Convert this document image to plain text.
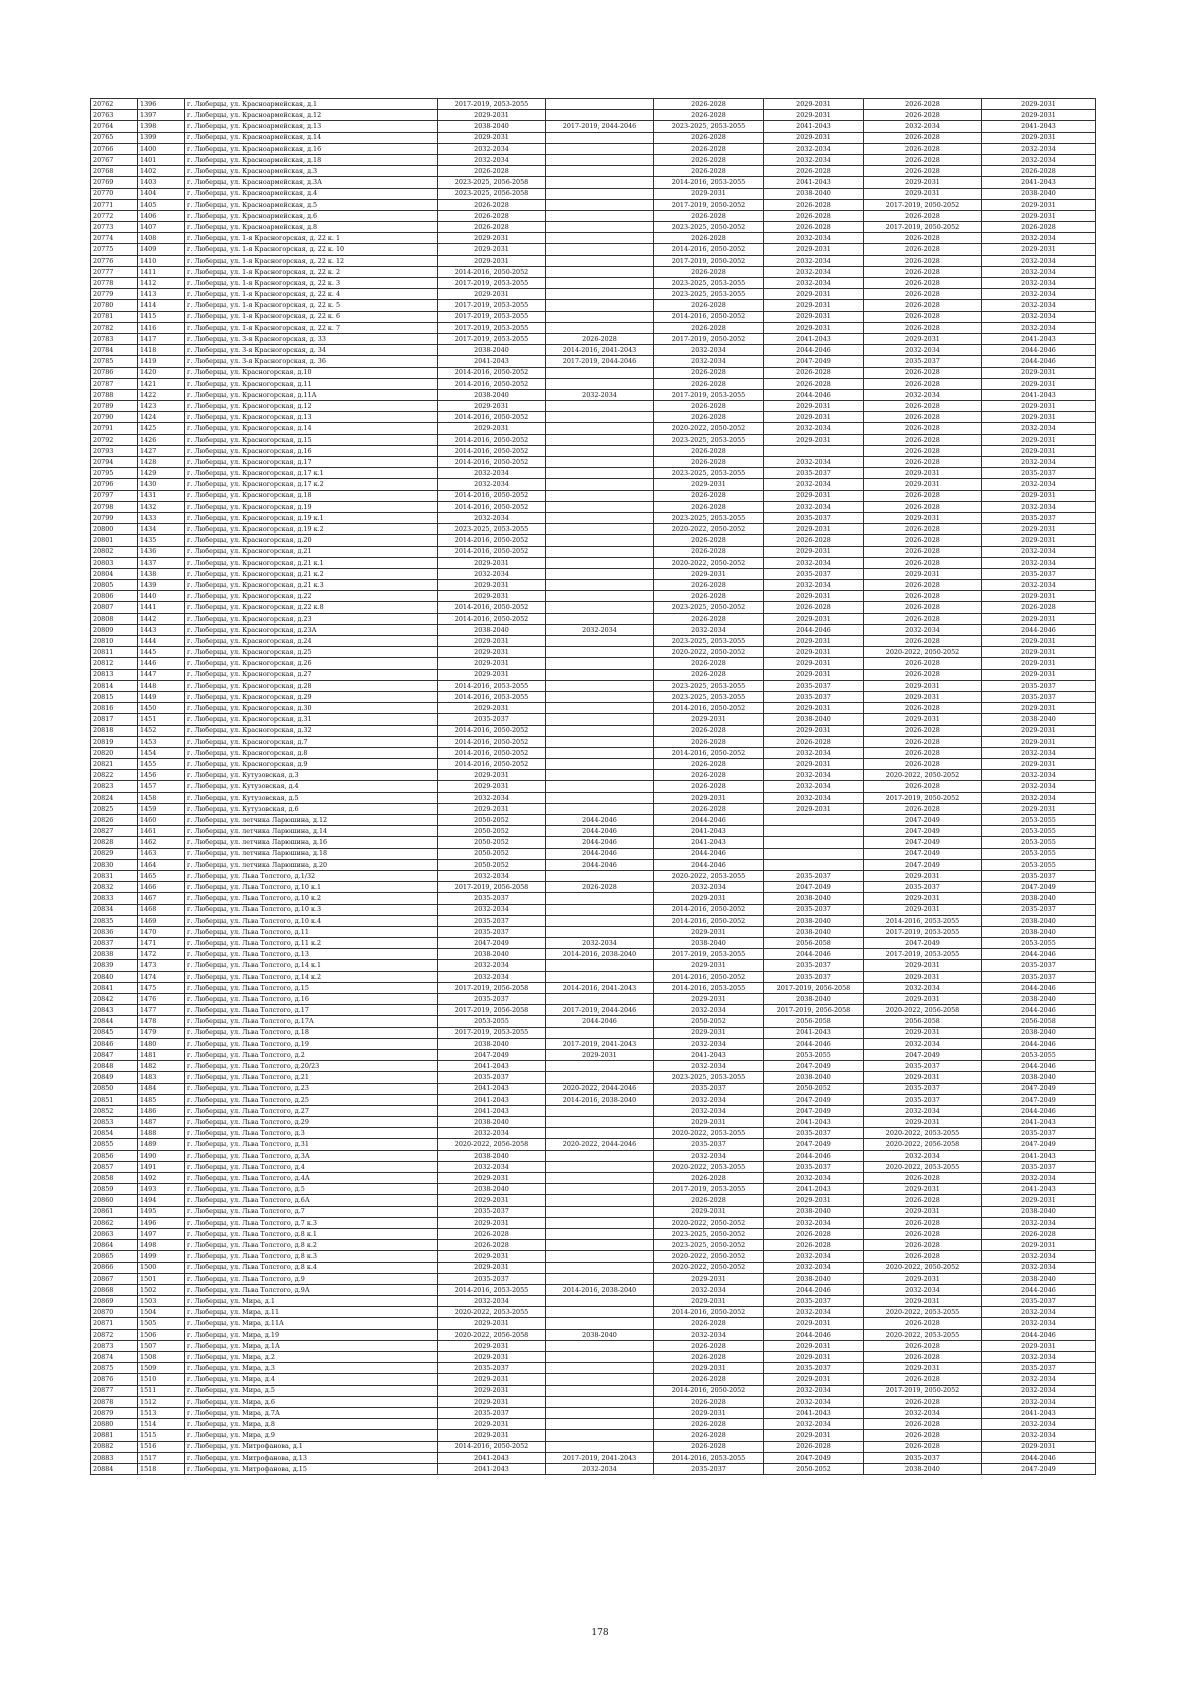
20762	1396	г. Люберцы, ул. Красноармейская, д.1	2017-2019, 2053-2055		2026-2028	2029-2031	2026-2028	2029-2031
20763	1397	г. Люберцы, ул. Красноармейская, д.12	2029-2031		2026-2028	2029-2031	2026-2028	2029-2031
20764	1398	г. Люберцы, ул. Красноармейская, д.13	2038-2040	2017-2019, 2044-2046	2023-2025, 2053-2055	2041-2043	2032-2034	2041-2043
20765	1399	г. Люберцы, ул. Красноармейская, д.14	2029-2031		2026-2028	2029-2031	2026-2028	2029-2031
20766	1400	г. Люберцы, ул. Красноармейская, д.16	2032-2034		2026-2028	2032-2034	2026-2028	2032-2034
20767	1401	г. Люберцы, ул. Красноармейская, д.18	2032-2034		2026-2028	2032-2034	2026-2028	2032-2034
20768	1402	г. Люберцы, ул. Красноармейская, д.3	2026-2028		2026-2028	2026-2028	2026-2028	2026-2028
20769	1403	г. Люберцы, ул. Красноармейская, д.3А	2023-2025, 2056-2058		2014-2016, 2053-2055	2041-2043	2029-2031	2041-2043
20770	1404	г. Люберцы, ул. Красноармейская, д.4	2023-2025, 2056-2058		2029-2031	2038-2040	2029-2031	2038-2040
20771	1405	г. Люберцы, ул. Красноармейская, д.5	2026-2028		2017-2019, 2050-2052	2026-2028	2017-2019, 2050-2052	2029-2031
20772	1406	г. Люберцы, ул. Красноармейская, д.6	2026-2028		2026-2028	2026-2028	2026-2028	2029-2031
20773	1407	г. Люберцы, ул. Красноармейская, д.8	2026-2028		2023-2025, 2050-2052	2026-2028	2017-2019, 2050-2052	2026-2028
20774	1408	г. Люберцы, ул. 1-я Красногорская, д. 22 к. 1	2029-2031		2026-2028	2032-2034	2026-2028	2032-2034
20775	1409	г. Люберцы, ул. 1-я Красногорская, д. 22 к. 10	2029-2031		2014-2016, 2050-2052	2029-2031	2026-2028	2029-2031
20776	1410	г. Люберцы, ул. 1-я Красногорская, д. 22 к. 12	2029-2031		2017-2019, 2050-2052	2032-2034	2026-2028	2032-2034
20777	1411	г. Люберцы, ул. 1-я Красногорская, д. 22 к. 2	2014-2016, 2050-2052		2026-2028	2032-2034	2026-2028	2032-2034
20778	1412	г. Люберцы, ул. 1-я Красногорская, д. 22 к. 3	2017-2019, 2053-2055		2023-2025, 2053-2055	2032-2034	2026-2028	2032-2034
20779	1413	г. Люберцы, ул. 1-я Красногорская, д. 22 к. 4	2029-2031		2023-2025, 2053-2055	2029-2031	2026-2028	2032-2034
20780	1414	г. Люберцы, ул. 1-я Красногорская, д. 22 к. 5	2017-2019, 2053-2055		2026-2028	2029-2031	2026-2028	2032-2034
20781	1415	г. Люберцы, ул. 1-я Красногорская, д. 22 к. 6	2017-2019, 2053-2055		2014-2016, 2050-2052	2029-2031	2026-2028	2032-2034
20782	1416	г. Люберцы, ул. 1-я Красногорская, д. 22 к. 7	2017-2019, 2053-2055		2026-2028	2029-2031	2026-2028	2032-2034
20783	1417	г. Люберцы, ул. 3-я Красногорская, д. 33	2017-2019, 2053-2055	2026-2028	2017-2019, 2050-2052	2041-2043	2029-2031	2041-2043
20784	1418	г. Люберцы, ул. 3-я Красногорская, д. 34	2038-2040	2014-2016, 2041-2043	2032-2034	2044-2046	2032-2034	2044-2046
20785	1419	г. Люберцы, ул. 3-я Красногорская, д. 36	2041-2043	2017-2019, 2044-2046	2032-2034	2047-2049	2035-2037	2044-2046
20786	1420	г. Люберцы, ул. Красногорская, д.10	2014-2016, 2050-2052		2026-2028	2026-2028	2026-2028	2029-2031
20787	1421	г. Люберцы, ул. Красногорская, д.11	2014-2016, 2050-2052		2026-2028	2026-2028	2026-2028	2029-2031
20788	1422	г. Люберцы, ул. Красногорская, д.11А	2038-2040	2032-2034	2017-2019, 2053-2055	2044-2046	2032-2034	2041-2043
20789	1423	г. Люберцы, ул. Красногорская, д.12	2029-2031		2026-2028	2029-2031	2026-2028	2029-2031
20790	1424	г. Люберцы, ул. Красногорская, д.13	2014-2016, 2050-2052		2026-2028	2029-2031	2026-2028	2029-2031
20791	1425	г. Люберцы, ул. Красногорская, д.14	2029-2031		2020-2022, 2050-2052	2032-2034	2026-2028	2032-2034
20792	1426	г. Люберцы, ул. Красногорская, д.15	2014-2016, 2050-2052		2023-2025, 2053-2055	2029-2031	2026-2028	2029-2031
20793	1427	г. Люберцы, ул. Красногорская, д.16	2014-2016, 2050-2052		2026-2028		2026-2028	2029-2031
20794	1428	г. Люберцы, ул. Красногорская, д.17	2014-2016, 2050-2052		2026-2028	2032-2034	2026-2028	2032-2034
20795	1429	г. Люберцы, ул. Красногорская, д.17 к.1	2032-2034		2023-2025, 2053-2055	2035-2037	2029-2031	2035-2037
20796	1430	г. Люберцы, ул. Красногорская, д.17 к.2	2032-2034		2029-2031	2032-2034	2029-2031	2032-2034
20797	1431	г. Люберцы, ул. Красногорская, д.18	2014-2016, 2050-2052		2026-2028	2029-2031	2026-2028	2029-2031
20798	1432	г. Люберцы, ул. Красногорская, д.19	2014-2016, 2050-2052		2026-2028	2032-2034	2026-2028	2032-2034
20799	1433	г. Люберцы, ул. Красногорская, д.19 к.1	2032-2034		2023-2025, 2053-2055	2035-2037	2029-2031	2035-2037
20800	1434	г. Люберцы, ул. Красногорская, д.19 к.2	2023-2025, 2053-2055		2020-2022, 2050-2052	2029-2031	2026-2028	2029-2031
20801	1435	г. Люберцы, ул. Красногорская, д.20	2014-2016, 2050-2052		2026-2028	2026-2028	2026-2028	2029-2031
20802	1436	г. Люберцы, ул. Красногорская, д.21	2014-2016, 2050-2052		2026-2028	2029-2031	2026-2028	2032-2034
20803	1437	г. Люберцы, ул. Красногорская, д.21 к.1	2029-2031		2020-2022, 2050-2052	2032-2034	2026-2028	2032-2034
20804	1438	г. Люберцы, ул. Красногорская, д.21 к.2	2032-2034		2029-2031	2035-2037	2029-2031	2035-2037
20805	1439	г. Люберцы, ул. Красногорская, д.21 к.3	2029-2031		2026-2028	2032-2034	2026-2028	2032-2034
20806	1440	г. Люберцы, ул. Красногорская, д.22	2029-2031		2026-2028	2029-2031	2026-2028	2029-2031
20807	1441	г. Люберцы, ул. Красногорская, д.22 к.8	2014-2016, 2050-2052		2023-2025, 2050-2052	2026-2028	2026-2028	2026-2028
20808	1442	г. Люберцы, ул. Красногорская, д.23	2014-2016, 2050-2052		2026-2028	2029-2031	2026-2028	2029-2031
20809	1443	г. Люберцы, ул. Красногорская, д.23А	2038-2040	2032-2034	2032-2034	2044-2046	2032-2034	2044-2046
20810	1444	г. Люберцы, ул. Красногорская, д.24	2029-2031		2023-2025, 2053-2055	2029-2031	2026-2028	2029-2031
20811	1445	г. Люберцы, ул. Красногорская, д.25	2029-2031		2020-2022, 2050-2052	2029-2031	2020-2022, 2050-2052	2029-2031
20812	1446	г. Люберцы, ул. Красногорская, д.26	2029-2031		2026-2028	2029-2031	2026-2028	2029-2031
20813	1447	г. Люберцы, ул. Красногорская, д.27	2029-2031		2026-2028	2029-2031	2026-2028	2029-2031
20814	1448	г. Люберцы, ул. Красногорская, д.28	2014-2016, 2053-2055		2023-2025, 2053-2055	2035-2037	2029-2031	2035-2037
20815	1449	г. Люберцы, ул. Красногорская, д.29	2014-2016, 2053-2055		2023-2025, 2053-2055	2035-2037	2029-2031	2035-2037
20816	1450	г. Люберцы, ул. Красногорская, д.30	2029-2031		2014-2016, 2050-2052	2029-2031	2026-2028	2029-2031
20817	1451	г. Люберцы, ул. Красногорская, д.31	2035-2037		2029-2031	2038-2040	2029-2031	2038-2040
20818	1452	г. Люберцы, ул. Красногорская, д.32	2014-2016, 2050-2052		2026-2028	2029-2031	2026-2028	2029-2031
20819	1453	г. Люберцы, ул. Красногорская, д.7	2014-2016, 2050-2052		2026-2028	2026-2028	2026-2028	2029-2031
20820	1454	г. Люберцы, ул. Красногорская, д.8	2014-2016, 2050-2052		2014-2016, 2050-2052	2032-2034	2026-2028	2032-2034
20821	1455	г. Люберцы, ул. Красногорская, д.9	2014-2016, 2050-2052		2026-2028	2029-2031	2026-2028	2029-2031
20822	1456	г. Люберцы, ул. Кутузовская, д.3	2029-2031		2026-2028	2032-2034	2020-2022, 2050-2052	2032-2034
20823	1457	г. Люберцы, ул. Кутузовская, д.4	2029-2031		2026-2028	2032-2034	2026-2028	2032-2034
20824	1458	г. Люберцы, ул. Кутузовская, д.5	2032-2034		2029-2031	2032-2034	2017-2019, 2050-2052	2032-2034
20825	1459	г. Люберцы, ул. Кутузовская, д.6	2029-2031		2026-2028	2029-2031	2026-2028	2029-2031
20826	1460	г. Люберцы, ул. летчика Ларюшина, д.12	2050-2052	2044-2046	2044-2046		2047-2049	2053-2055
20827	1461	г. Люберцы, ул. летчика Ларюшина, д.14	2050-2052	2044-2046	2041-2043		2047-2049	2053-2055
20828	1462	г. Люберцы, ул. летчика Ларюшина, д.16	2050-2052	2044-2046	2041-2043		2047-2049	2053-2055
20829	1463	г. Люберцы, ул. летчика Ларюшина, д.18	2050-2052	2044-2046	2044-2046		2047-2049	2053-2055
20830	1464	г. Люберцы, ул. летчика Ларюшина, д.20	2050-2052	2044-2046	2044-2046		2047-2049	2053-2055
20831	1465	г. Люберцы, ул. Льва Толстого, д.1/32	2032-2034		2020-2022, 2053-2055	2035-2037	2029-2031	2035-2037
20832	1466	г. Люберцы, ул. Льва Толстого, д.10 к.1	2017-2019, 2056-2058	2026-2028	2032-2034	2047-2049	2035-2037	2047-2049
20833	1467	г. Люберцы, ул. Льва Толстого, д.10 к.2	2035-2037		2029-2031	2038-2040	2029-2031	2038-2040
20834	1468	г. Люберцы, ул. Льва Толстого, д.10 к.3	2032-2034		2014-2016, 2050-2052	2035-2037	2029-2031	2035-2037
20835	1469	г. Люберцы, ул. Льва Толстого, д.10 к.4	2035-2037		2014-2016, 2050-2052	2038-2040	2014-2016, 2053-2055	2038-2040
20836	1470	г. Люберцы, ул. Льва Толстого, д.11	2035-2037		2029-2031	2038-2040	2017-2019, 2053-2055	2038-2040
20837	1471	г. Люберцы, ул. Льва Толстого, д.11 к.2	2047-2049	2032-2034	2038-2040	2056-2058	2047-2049	2053-2055
20838	1472	г. Люберцы, ул. Льва Толстого, д.13	2038-2040	2014-2016, 2038-2040	2017-2019, 2053-2055	2044-2046	2017-2019, 2053-2055	2044-2046
20839	1473	г. Люберцы, ул. Льва Толстого, д.14 к.1	2032-2034		2029-2031	2035-2037	2029-2031	2035-2037
20840	1474	г. Люберцы, ул. Льва Толстого, д.14 к.2	2032-2034		2014-2016, 2050-2052	2035-2037	2029-2031	2035-2037
20841	1475	г. Люберцы, ул. Льва Толстого, д.15	2017-2019, 2056-2058	2014-2016, 2041-2043	2014-2016, 2053-2055	2017-2019, 2056-2058	2032-2034	2044-2046
20842	1476	г. Люберцы, ул. Льва Толстого, д.16	2035-2037		2029-2031	2038-2040	2029-2031	2038-2040
20843	1477	г. Люберцы, ул. Льва Толстого, д.17	2017-2019, 2056-2058	2017-2019, 2044-2046	2032-2034	2017-2019, 2056-2058	2020-2022, 2056-2058	2044-2046
20844	1478	г. Люберцы, ул. Льва Толстого, д.17А	2053-2055	2044-2046	2050-2052	2056-2058	2056-2058	2056-2058
20845	1479	г. Люберцы, ул. Льва Толстого, д.18	2017-2019, 2053-2055		2029-2031	2041-2043	2029-2031	2038-2040
20846	1480	г. Люберцы, ул. Льва Толстого, д.19	2038-2040	2017-2019, 2041-2043	2032-2034	2044-2046	2032-2034	2044-2046
20847	1481	г. Люберцы, ул. Льва Толстого, д.2	2047-2049	2029-2031	2041-2043	2053-2055	2047-2049	2053-2055
20848	1482	г. Люберцы, ул. Льва Толстого, д.20/23	2041-2043		2032-2034	2047-2049	2035-2037	2044-2046
20849	1483	г. Люберцы, ул. Льва Толстого, д.21	2035-2037		2023-2025, 2053-2055	2038-2040	2029-2031	2038-2040
20850	1484	г. Люберцы, ул. Льва Толстого, д.23	2041-2043	2020-2022, 2044-2046	2035-2037	2050-2052	2035-2037	2047-2049
20851	1485	г. Люберцы, ул. Льва Толстого, д.25	2041-2043	2014-2016, 2038-2040	2032-2034	2047-2049	2035-2037	2047-2049
20852	1486	г. Люберцы, ул. Льва Толстого, д.27	2041-2043		2032-2034	2047-2049	2032-2034	2044-2046
20853	1487	г. Люберцы, ул. Льва Толстого, д.29	2038-2040		2029-2031	2041-2043	2029-2031	2041-2043
20854	1488	г. Люберцы, ул. Льва Толстого, д.3	2032-2034		2020-2022, 2053-2055	2035-2037	2020-2022, 2053-2055	2035-2037
20855	1489	г. Люберцы, ул. Льва Толстого, д.31	2020-2022, 2056-2058	2020-2022, 2044-2046	2035-2037	2047-2049	2020-2022, 2056-2058	2047-2049
20856	1490	г. Люберцы, ул. Льва Толстого, д.3А	2038-2040		2032-2034	2044-2046	2032-2034	2041-2043
20857	1491	г. Люберцы, ул. Льва Толстого, д.4	2032-2034		2020-2022, 2053-2055	2035-2037	2020-2022, 2053-2055	2035-2037
20858	1492	г. Люберцы, ул. Льва Толстого, д.4А	2029-2031		2026-2028	2032-2034	2026-2028	2032-2034
20859	1493	г. Люберцы, ул. Льва Толстого, д.5	2038-2040		2017-2019, 2053-2055	2041-2043	2029-2031	2041-2043
20860	1494	г. Люберцы, ул. Льва Толстого, д.6А	2029-2031		2026-2028	2029-2031	2026-2028	2029-2031
20861	1495	г. Люберцы, ул. Льва Толстого, д.7	2035-2037		2029-2031	2038-2040	2029-2031	2038-2040
20862	1496	г. Люберцы, ул. Льва Толстого, д.7 к.3	2029-2031		2020-2022, 2050-2052	2032-2034	2026-2028	2032-2034
20863	1497	г. Люберцы, ул. Льва Толстого, д.8 к.1	2026-2028		2023-2025, 2050-2052	2026-2028	2026-2028	2026-2028
20864	1498	г. Люберцы, ул. Льва Толстого, д.8 к.2	2026-2028		2023-2025, 2050-2052	2026-2028	2026-2028	2029-2031
20865	1499	г. Люберцы, ул. Льва Толстого, д.8 к.3	2029-2031		2020-2022, 2050-2052	2032-2034	2026-2028	2032-2034
20866	1500	г. Люберцы, ул. Льва Толстого, д.8 к.4	2029-2031		2020-2022, 2050-2052	2032-2034	2020-2022, 2050-2052	2032-2034
20867	1501	г. Люберцы, ул. Льва Толстого, д.9	2035-2037		2029-2031	2038-2040	2029-2031	2038-2040
20868	1502	г. Люберцы, ул. Льва Толстого, д.9А	2014-2016, 2053-2055	2014-2016, 2038-2040	2032-2034	2044-2046	2032-2034	2044-2046
20869	1503	г. Люберцы, ул. Мира, д.1	2032-2034		2029-2031	2035-2037	2029-2031	2035-2037
20870	1504	г. Люберцы, ул. Мира, д.11	2020-2022, 2053-2055		2014-2016, 2050-2052	2032-2034	2020-2022, 2053-2055	2032-2034
20871	1505	г. Люберцы, ул. Мира, д.11А	2029-2031		2026-2028	2029-2031	2026-2028	2032-2034
20872	1506	г. Люберцы, ул. Мира, д.19	2020-2022, 2056-2058	2038-2040	2032-2034	2044-2046	2020-2022, 2053-2055	2044-2046
20873	1507	г. Люберцы, ул. Мира, д.1А	2029-2031		2026-2028	2029-2031	2026-2028	2029-2031
20874	1508	г. Люберцы, ул. Мира, д.2	2029-2031		2026-2028	2029-2031	2026-2028	2032-2034
20875	1509	г. Люберцы, ул. Мира, д.3	2035-2037		2029-2031	2035-2037	2029-2031	2035-2037
20876	1510	г. Люберцы, ул. Мира, д.4	2029-2031		2026-2028	2029-2031	2026-2028	2032-2034
20877	1511	г. Люберцы, ул. Мира, д.5	2029-2031		2014-2016, 2050-2052	2032-2034	2017-2019, 2050-2052	2032-2034
20878	1512	г. Люберцы, ул. Мира, д.6	2029-2031		2026-2028	2032-2034	2026-2028	2032-2034
20879	1513	г. Люберцы, ул. Мира, д.7А	2035-2037		2029-2031	2041-2043	2032-2034	2041-2043
20880	1514	г. Люберцы, ул. Мира, д.8	2029-2031		2026-2028	2032-2034	2026-2028	2032-2034
20881	1515	г. Люберцы, ул. Мира, д.9	2029-2031		2026-2028	2029-2031	2026-2028	2032-2034
20882	1516	г. Люберцы, ул. Митрофанова, д.1	2014-2016, 2050-2052		2026-2028	2026-2028	2026-2028	2029-2031
20883	1517	г. Люберцы, ул. Митрофанова, д.13	2041-2043	2017-2019, 2041-2043	2014-2016, 2053-2055	2047-2049	2035-2037	2044-2046
20884	1518	г. Люберцы, ул. Митрофанова, д.15	2041-2043	2032-2034	2035-2037	2050-2052	2038-2040	2047-2049
178
